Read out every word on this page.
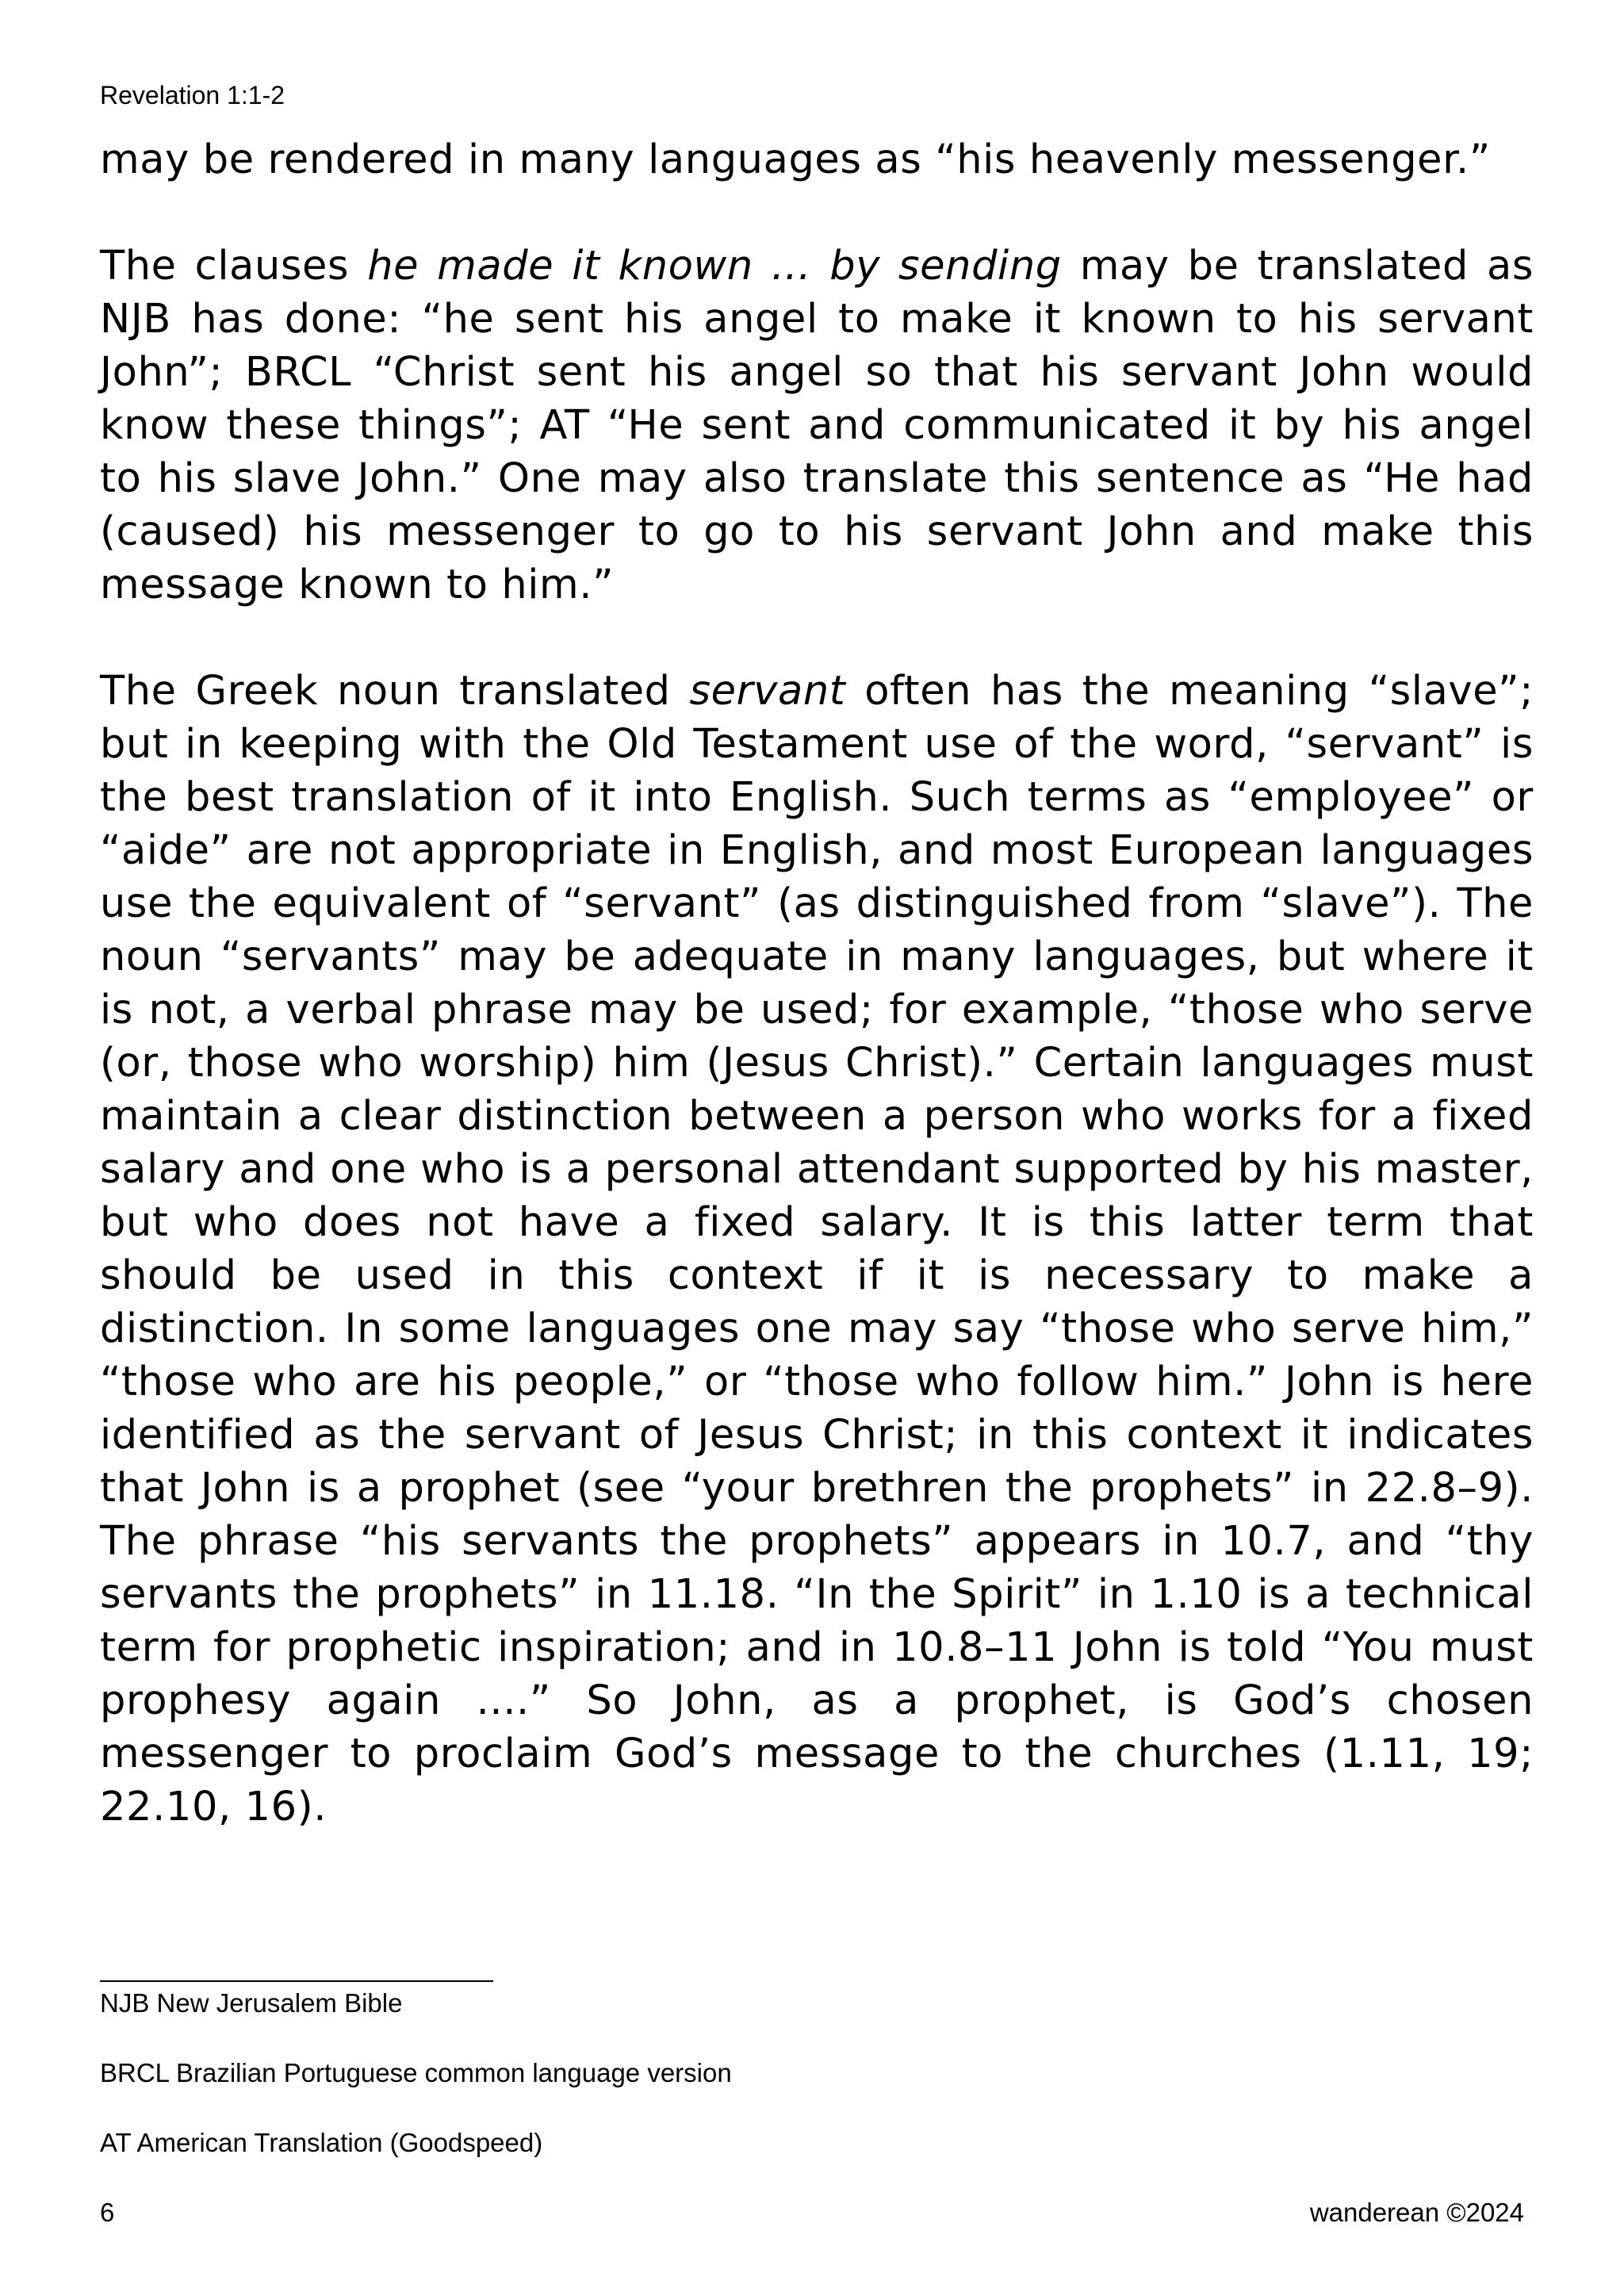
Revelation 1:1-2

may be rendered in many languages as “his heavenly messenger.”

The clauses he made it known ... by sending may be translated as NJB has done: “he sent his angel to make it known to his servant John”; BRCL “Christ sent his angel so that his servant John would know these things”; AT “He sent and communicated it by his angel to his slave John.” One may also translate this sentence as “He had (caused) his messenger to go to his servant John and make this message known to him.”

The Greek noun translated servant often has the meaning “slave”; but in keeping with the Old Testament use of the word, “servant” is the best translation of it into English. Such terms as “employee” or “aide” are not appropriate in English, and most European languages use the equivalent of “servant” (as distinguished from “slave”). The noun “servants” may be adequate in many languages, but where it is not, a verbal phrase may be used; for example, “those who serve (or, those who worship) him (Jesus Christ).” Certain languages must maintain a clear distinction between a person who works for a fixed salary and one who is a personal attendant supported by his master, but who does not have a fixed salary. It is this latter term that should be used in this context if it is necessary to make a distinction. In some languages one may say “those who serve him,” “those who are his people,” or “those who follow him.” John is here identified as the servant of Jesus Christ; in this context it indicates that John is a prophet (see “your brethren the prophets” in 22.8–9). The phrase “his servants the prophets” appears in 10.7, and “thy servants the prophets” in 11.18. “In the Spirit” in 1.10 is a technical term for prophetic inspiration; and in 10.8–11 John is told “You must prophesy again ....” So John, as a prophet, is God’s chosen messenger to proclaim God’s message to the churches (1.11, 19; 22.10, 16).

NJB New Jerusalem Bible
BRCL Brazilian Portuguese common language version
AT American Translation (Goodspeed)
6	wanderean ©2024
